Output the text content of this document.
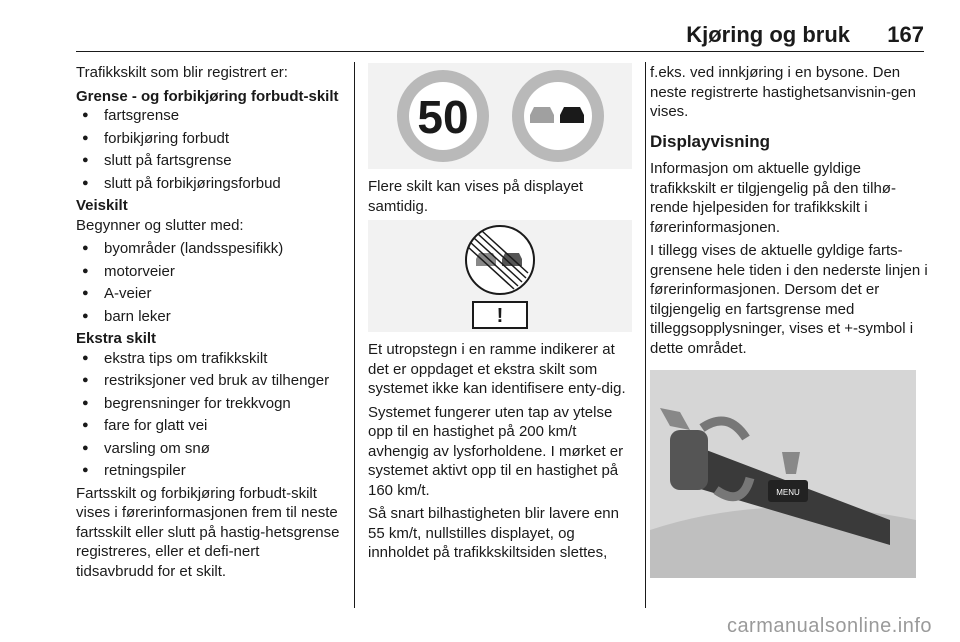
Kjøring og bruk 167

Trafikkskilt som blir registrert er:

Grense - og forbikjøring forbudt-skilt

● fartsgrense
● forbikjøring forbudt
● slutt på fartsgrense
● slutt på forbikjøringsforbud

Veiskilt

Begynner og slutter med:

● byområder (landsspesifikk)
● motorveier
● A-veier
● barn leker

Ekstra skilt

● ekstra tips om trafikkskilt
● restriksjoner ved bruk av tilhenger
● begrensninger for trekkvogn
● fare for glatt vei
● varsling om snø
● retningspiler

Fartsskilt og forbikjøring forbudt-skilt vises i førerinformasjonen frem til neste fartsskilt eller slutt på hastig-hetsgrense registreres, eller et defi-nert tidsavbrudd for et skilt.

50

Flere skilt kan vises på displayet samtidig.

!

Et utropstegn i en ramme indikerer at det er oppdaget et ekstra skilt som systemet ikke kan identifisere enty-dig.

Systemet fungerer uten tap av ytelse opp til en hastighet på 200 km/t avhengig av lysforholdene. I mørket er systemet aktivt opp til en hastighet på 160 km/t.

Så snart bilhastigheten blir lavere enn 55 km/t, nullstilles displayet, og innholdet på trafikkskiltsiden slettes,

f.eks. ved innkjøring i en bysone. Den neste registrerte hastighetsanvisnin-gen vises.

Displayvisning

Informasjon om aktuelle gyldige trafikkskilt er tilgjengelig på den tilhø-rende hjelpesiden for trafikkskilt i førerinformasjonen.

I tillegg vises de aktuelle gyldige farts-grensene hele tiden i den nederste linjen i førerinformasjonen. Dersom det er tilgjengelig en fartsgrense med tilleggsopplysninger, vises et +-symbol i dette området.

MENU
carmanualsonline.info
